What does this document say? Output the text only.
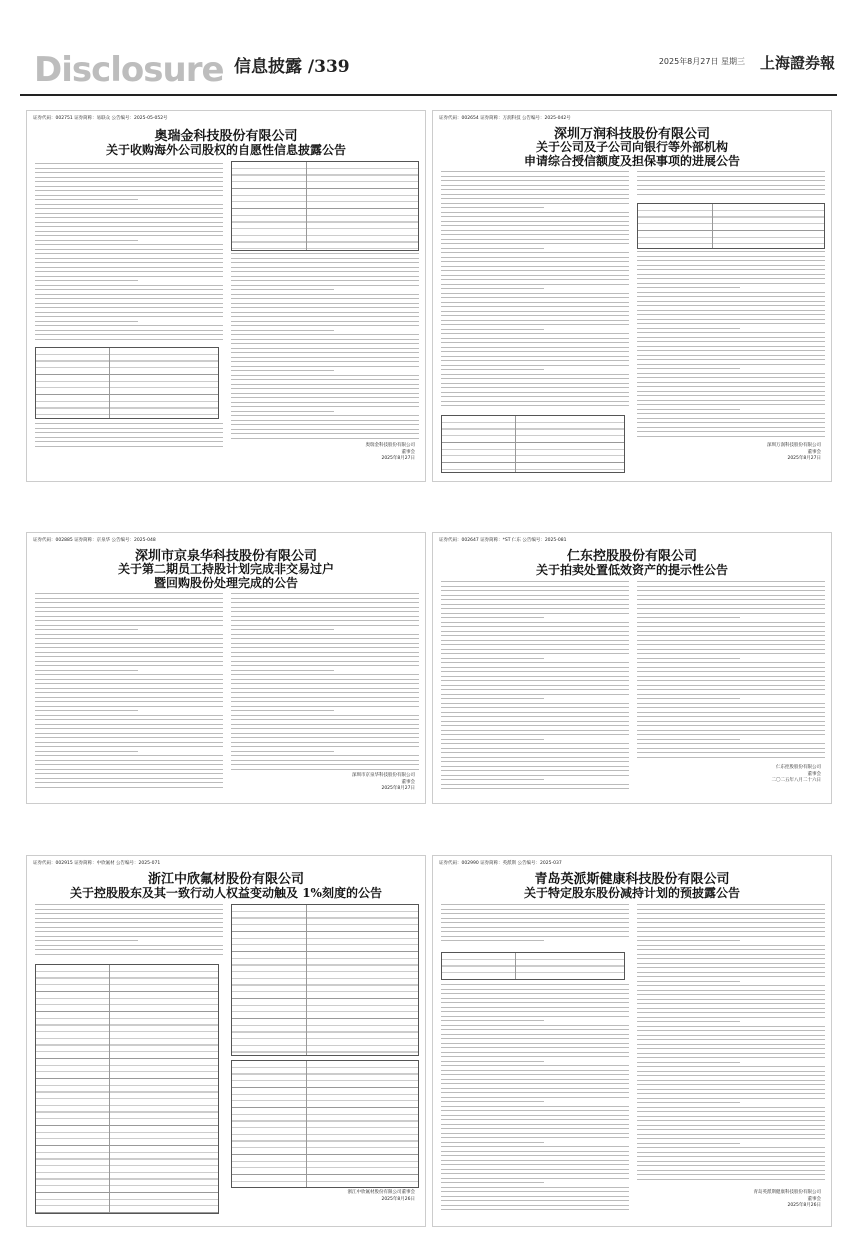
Disclosure 信息披露 /339	2025年8月27日 星期三 上海證券報
证券代码：002751 证券简称：易联众 公告编号：2025-05-052号
奥瑞金科技股份有限公司
关于收购海外公司股权的自愿性信息披露公告
奥瑞金科技股份有限公司
董事会
2025年8月27日
证券代码：002654 证券简称：万润科技 公告编号：2025-042号
深圳万润科技股份有限公司
关于公司及子公司向银行等外部机构
申请综合授信额度及担保事项的进展公告
深圳万润科技股份有限公司
董事会
2025年8月27日
证券代码：002885 证券简称：京泉华 公告编号：2025-048
深圳市京泉华科技股份有限公司
关于第二期员工持股计划完成非交易过户
暨回购股份处理完成的公告
深圳市京泉华科技股份有限公司
董事会
2025年8月27日
证券代码：002647 证券简称：*ST 仁东 公告编号：2025-081
仁东控股股份有限公司
关于拍卖处置低效资产的提示性公告
仁东控股股份有限公司
董事会
二〇二五年八月二十六日
证券代码：002915 证券简称：中欣氟材 公告编号：2025-071
浙江中欣氟材股份有限公司
关于控股股东及其一致行动人权益变动触及 1%刻度的公告
浙江中欣氟材股份有限公司董事会
2025年8月26日
证券代码：002990 证券简称：英派斯 公告编号：2025-037
青岛英派斯健康科技股份有限公司
关于特定股东股份减持计划的预披露公告
青岛英派斯健康科技股份有限公司
董事会
2025年8月26日
